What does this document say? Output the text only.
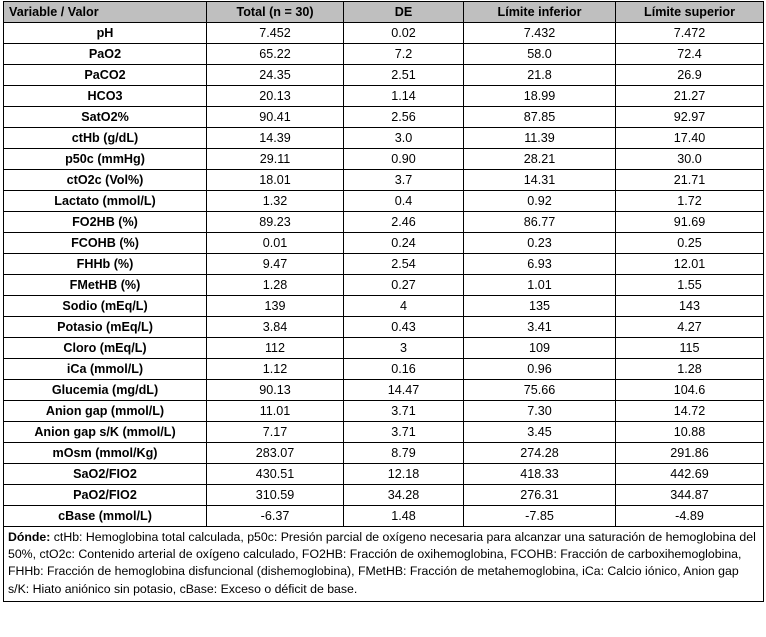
Variable / Valor	Total (n = 30)	DE	Límite inferior	Límite superior
pH	7.452	0.02	7.432	7.472
PaO2	65.22	7.2	58.0	72.4
PaCO2	24.35	2.51	21.8	26.9
HCO3	20.13	1.14	18.99	21.27
SatO2%	90.41	2.56	87.85	92.97
ctHb (g/dL)	14.39	3.0	11.39	17.40
p50c (mmHg)	29.11	0.90	28.21	30.0
ctO2c (Vol%)	18.01	3.7	14.31	21.71
Lactato (mmol/L)	1.32	0.4	0.92	1.72
FO2HB (%)	89.23	2.46	86.77	91.69
FCOHB (%)	0.01	0.24	0.23	0.25
FHHb (%)	9.47	2.54	6.93	12.01
FMetHB (%)	1.28	0.27	1.01	1.55
Sodio (mEq/L)	139	4	135	143
Potasio (mEq/L)	3.84	0.43	3.41	4.27
Cloro (mEq/L)	112	3	109	115
iCa (mmol/L)	1.12	0.16	0.96	1.28
Glucemia (mg/dL)	90.13	14.47	75.66	104.6
Anion gap (mmol/L)	11.01	3.71	7.30	14.72
Anion gap s/K (mmol/L)	7.17	3.71	3.45	10.88
mOsm (mmol/Kg)	283.07	8.79	274.28	291.86
SaO2/FIO2	430.51	12.18	418.33	442.69
PaO2/FIO2	310.59	34.28	276.31	344.87
cBase (mmol/L)	-6.37	1.48	-7.85	-4.89
Dónde: ctHb: Hemoglobina total calculada, p50c: Presión parcial de oxígeno necesaria para alcanzar una saturación de hemoglobina del 50%, ctO2c: Contenido arterial de oxígeno calculado, FO2HB: Fracción de oxihemoglobina, FCOHB: Fracción de carboxihemoglobina, FHHb: Fracción de hemoglobina disfuncional (dishemoglobina), FMetHB: Fracción de metahemoglobina, iCa: Calcio iónico, Anion gap s/K: Hiato aniónico sin potasio, cBase: Exceso o déficit de base.				
